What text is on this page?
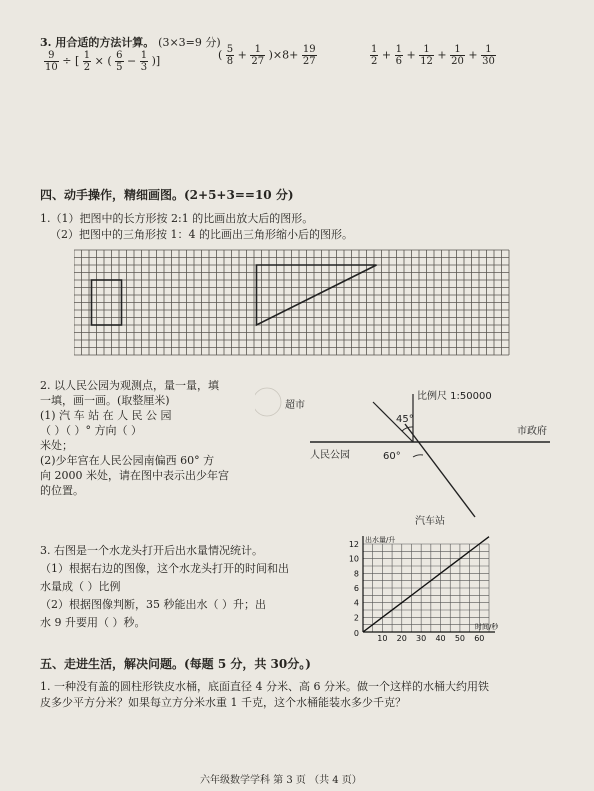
3. 用合适的方法计算。 (3×3=9 分)
$\frac{9}{10}$ ÷ [ $\frac{1}{2}$ × ( $\frac{6}{5} - \frac{1}{3}$ )]	( $\frac{5}{8} + \frac{1}{27} )\times 8+ \frac{19}{27}$	$\frac{1}{2} + \frac{1}{6} + \frac{1}{12} + \frac{1}{20} + \frac{1}{30}$
四、动手操作，精细画图。(2+5+3==10 分)
1.（1）把图中的长方形按 2:1 的比画出放大后的图形。
（2）把图中的三角形按 1：4 的比画出三角形缩小后的图形。
2. 以人民公园为观测点，量一量，填
一填，画一画。(取整厘米)
(1) 汽 车 站 在 人 民 公 园
（ ）（ ）° 方向（ ）
米处；
(2)少年宫在人民公园南偏西 60° 方
向 2000 米处，请在图中表示出少年宫
的位置。
比例尺 1:50000
超市
市政府
人民公园
汽车站
45°
60°
3. 右图是一个水龙头打开后出水量情况统计。
（1）根据右边的图像，这个水龙头打开的时间和出
水量成（ ）比例
（2）根据图像判断，35 秒能出水（ ）升；出
水 9 升要用（ ）秒。
10 20 30 40 50 60
2
4
6
8
10
12
0
出水量/升
时间/秒
五、走进生活，解决问题。(每题 5 分，共 30分。)
1. 一种没有盖的圆柱形铁皮水桶，底面直径 4 分米、高 6 分米。做一个这样的水桶大约用铁
皮多少平方分米？如果每立方分米水重 1 千克，这个水桶能装水多少千克？
六年级数学学科 第 3 页 （共 4 页）
